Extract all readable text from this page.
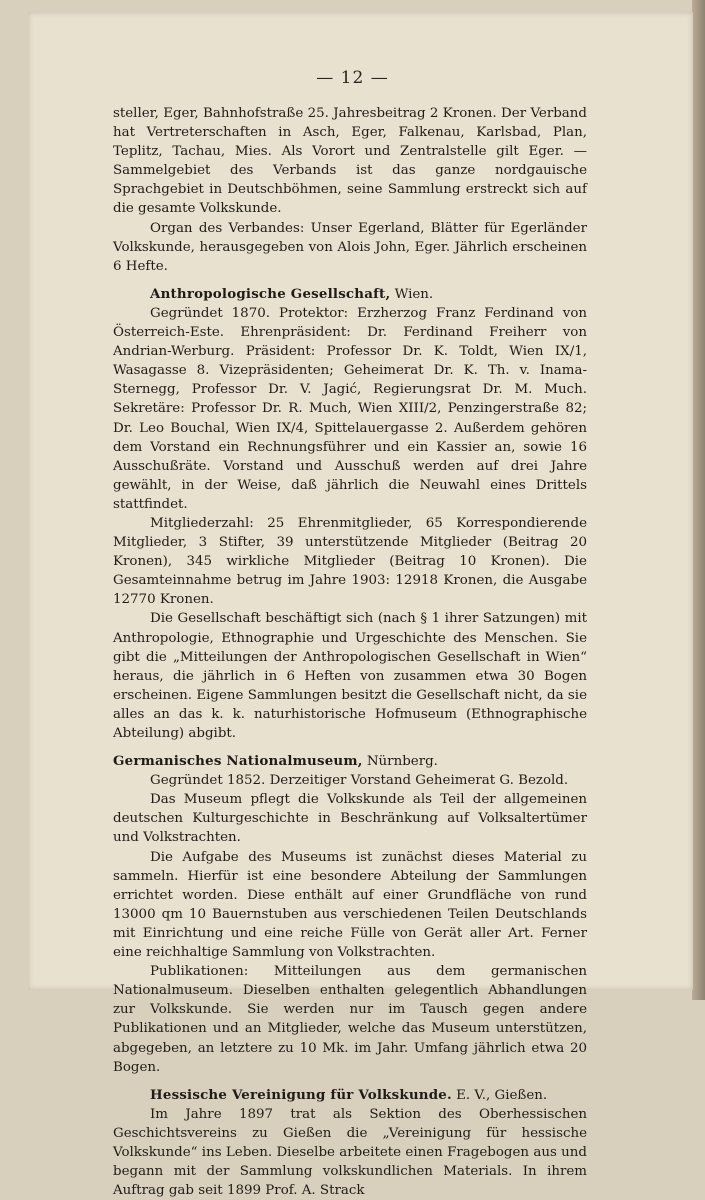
— 12 —

steller, Eger, Bahnhofstraße 25. Jahresbeitrag 2 Kronen. Der Verband hat Vertreterschaften in Asch, Eger, Falkenau, Karlsbad, Plan, Teplitz, Tachau, Mies. Als Vorort und Zentralstelle gilt Eger. — Sammelgebiet des Verbands ist das ganze nordgauische Sprachgebiet in Deutschböhmen, seine Sammlung erstreckt sich auf die gesamte Volkskunde.

Organ des Verbandes: Unser Egerland, Blätter für Egerländer Volkskunde, herausgegeben von Alois John, Eger. Jährlich erscheinen 6 Hefte.

Anthropologische Gesellschaft, Wien.

Gegründet 1870. Protektor: Erzherzog Franz Ferdinand von Österreich-Este. Ehrenpräsident: Dr. Ferdinand Freiherr von Andrian-Werburg. Präsident: Professor Dr. K. Toldt, Wien IX/1, Wasagasse 8. Vizepräsidenten; Geheimerat Dr. K. Th. v. Inama-Sternegg, Professor Dr. V. Jagić, Regierungsrat Dr. M. Much. Sekretäre: Professor Dr. R. Much, Wien XIII/2, Penzingerstraße 82; Dr. Leo Bouchal, Wien IX/4, Spittelauergasse 2. Außerdem gehören dem Vorstand ein Rechnungsführer und ein Kassier an, sowie 16 Ausschußräte. Vorstand und Ausschuß werden auf drei Jahre gewählt, in der Weise, daß jährlich die Neuwahl eines Drittels stattfindet.

Mitgliederzahl: 25 Ehrenmitglieder, 65 Korrespondierende Mitglieder, 3 Stifter, 39 unterstützende Mitglieder (Beitrag 20 Kronen), 345 wirkliche Mitglieder (Beitrag 10 Kronen). Die Gesamteinnahme betrug im Jahre 1903: 12918 Kronen, die Ausgabe 12770 Kronen.

Die Gesellschaft beschäftigt sich (nach § 1 ihrer Satzungen) mit Anthropologie, Ethnographie und Urgeschichte des Menschen. Sie gibt die „Mitteilungen der Anthropologischen Gesellschaft in Wien“ heraus, die jährlich in 6 Heften von zusammen etwa 30 Bogen erscheinen. Eigene Sammlungen besitzt die Gesellschaft nicht, da sie alles an das k. k. naturhistorische Hofmuseum (Ethnographische Abteilung) abgibt.

Germanisches Nationalmuseum, Nürnberg.

Gegründet 1852. Derzeitiger Vorstand Geheimerat G. Bezold.

Das Museum pflegt die Volkskunde als Teil der allgemeinen deutschen Kulturgeschichte in Beschränkung auf Volksaltertümer und Volkstrachten.

Die Aufgabe des Museums ist zunächst dieses Material zu sammeln. Hierfür ist eine besondere Abteilung der Sammlungen errichtet worden. Diese enthält auf einer Grundfläche von rund 13000 qm 10 Bauernstuben aus verschiedenen Teilen Deutschlands mit Einrichtung und eine reiche Fülle von Gerät aller Art. Ferner eine reichhaltige Sammlung von Volkstrachten.

Publikationen: Mitteilungen aus dem germanischen Nationalmuseum. Dieselben enthalten gelegentlich Abhandlungen zur Volkskunde. Sie werden nur im Tausch gegen andere Publikationen und an Mitglieder, welche das Museum unterstützen, abgegeben, an letztere zu 10 Mk. im Jahr. Umfang jährlich etwa 20 Bogen.

Hessische Vereinigung für Volkskunde. E. V., Gießen.

Im Jahre 1897 trat als Sektion des Oberhessischen Geschichtsvereins zu Gießen die „Vereinigung für hessische Volkskunde“ ins Leben. Dieselbe arbeitete einen Fragebogen aus und begann mit der Sammlung volkskundlichen Materials. In ihrem Auftrag gab seit 1899 Prof. A. Strack
